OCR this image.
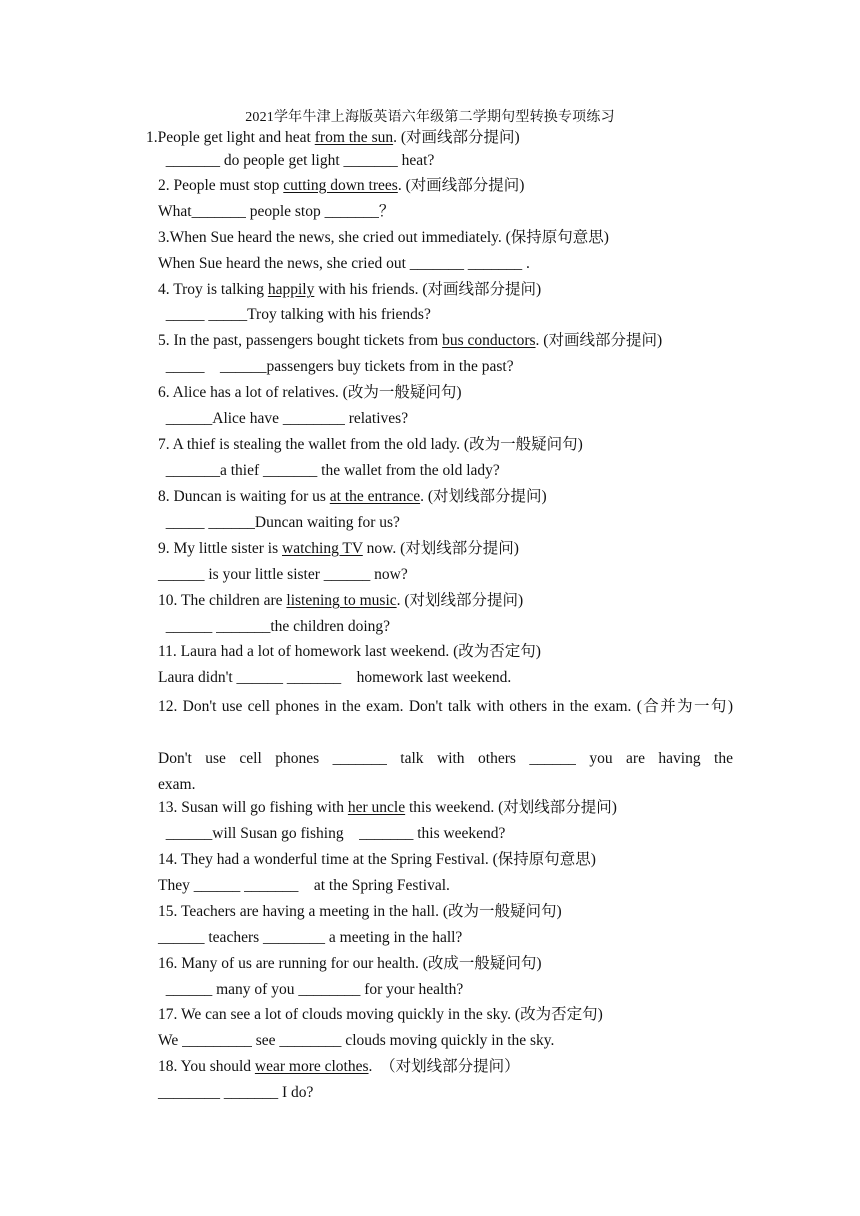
2021学年牛津上海版英语六年级第二学期句型转换专项练习
1.People get light and heat from the sun. (对画线部分提问)
_______ do people get light _______ heat?
2. People must stop cutting down trees. (对画线部分提问)
What_______ people stop _______？
3.When Sue heard the news, she cried out immediately. (保持原句意思)
When Sue heard the news, she cried out _______ _______ .
4. Troy is talking happily with his friends. (对画线部分提问)
_____ _____Troy talking with his friends?
5. In the past, passengers bought tickets from bus conductors. (对画线部分提问)
_____    ______passengers buy tickets from in the past?
6. Alice has a lot of relatives. (改为一般疑问句)
______Alice have ________ relatives?
7. A thief is stealing the wallet from the old lady. (改为一般疑问句)
_______a thief _______ the wallet from the old lady?
8. Duncan is waiting for us at the entrance. (对划线部分提问)
_____ ______Duncan waiting for us?
9. My little sister is watching TV now. (对划线部分提问)
______ is your little sister ______ now?
10. The children are listening to music. (对划线部分提问)
______ _______the children doing?
11. Laura had a lot of homework last weekend. (改为否定句)
Laura didn't ______ _______    homework last weekend.
12. Don't use cell phones in the exam. Don't talk with others in the exam. (合并为一句)
Don't use cell phones _______ talk with others ______ you are having the exam.
13. Susan will go fishing with her uncle this weekend. (对划线部分提问)
______will Susan go fishing    _______ this weekend?
14. They had a wonderful time at the Spring Festival. (保持原句意思)
They ______ _______    at the Spring Festival.
15. Teachers are having a meeting in the hall. (改为一般疑问句)
______ teachers ________ a meeting in the hall?
16. Many of us are running for our health. (改成一般疑问句)
______ many of you ________ for your health?
17. We can see a lot of clouds moving quickly in the sky. (改为否定句)
We _________ see ________ clouds moving quickly in the sky.
18. You should wear more clothes.  （对划线部分提问）
________ _______ I do?
